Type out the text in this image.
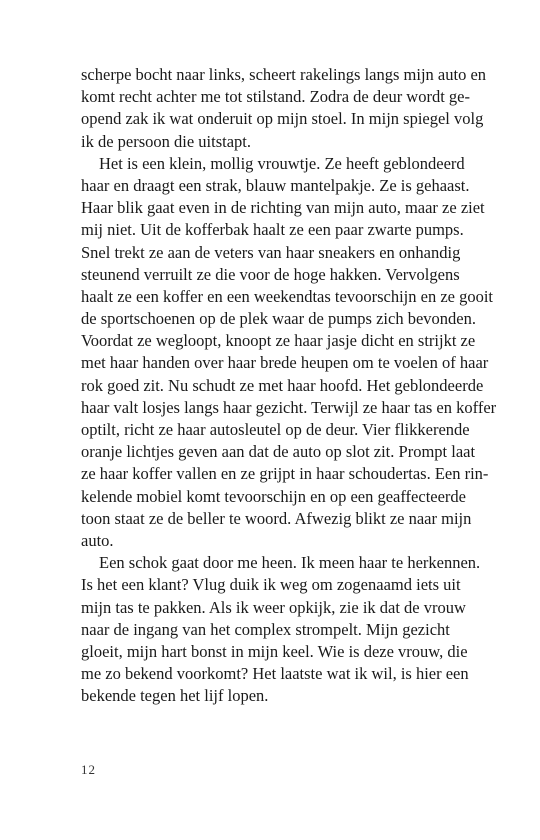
scherpe bocht naar links, scheert rakelings langs mijn auto en
komt recht achter me tot stilstand. Zodra de deur wordt ge-
opend zak ik wat onderuit op mijn stoel. In mijn spiegel volg
ik de persoon die uitstapt.
Het is een klein, mollig vrouwtje. Ze heeft geblondeerd
haar en draagt een strak, blauw mantelpakje. Ze is gehaast.
Haar blik gaat even in de richting van mijn auto, maar ze ziet
mij niet. Uit de kofferbak haalt ze een paar zwarte pumps.
Snel trekt ze aan de veters van haar sneakers en onhandig
steunend verruilt ze die voor de hoge hakken. Vervolgens
haalt ze een koffer en een weekendtas tevoorschijn en ze gooit
de sportschoenen op de plek waar de pumps zich bevonden.
Voordat ze wegloopt, knoopt ze haar jasje dicht en strijkt ze
met haar handen over haar brede heupen om te voelen of haar
rok goed zit. Nu schudt ze met haar hoofd. Het geblondeerde
haar valt losjes langs haar gezicht. Terwijl ze haar tas en koffer
optilt, richt ze haar autosleutel op de deur. Vier flikkerende
oranje lichtjes geven aan dat de auto op slot zit. Prompt laat
ze haar koffer vallen en ze grijpt in haar schoudertas. Een rin-
kelende mobiel komt tevoorschijn en op een geaffecteerde
toon staat ze de beller te woord. Afwezig blikt ze naar mijn
auto.
Een schok gaat door me heen. Ik meen haar te herkennen.
Is het een klant? Vlug duik ik weg om zogenaamd iets uit
mijn tas te pakken. Als ik weer opkijk, zie ik dat de vrouw
naar de ingang van het complex strompelt. Mijn gezicht
gloeit, mijn hart bonst in mijn keel. Wie is deze vrouw, die
me zo bekend voorkomt? Het laatste wat ik wil, is hier een
bekende tegen het lijf lopen.
12
